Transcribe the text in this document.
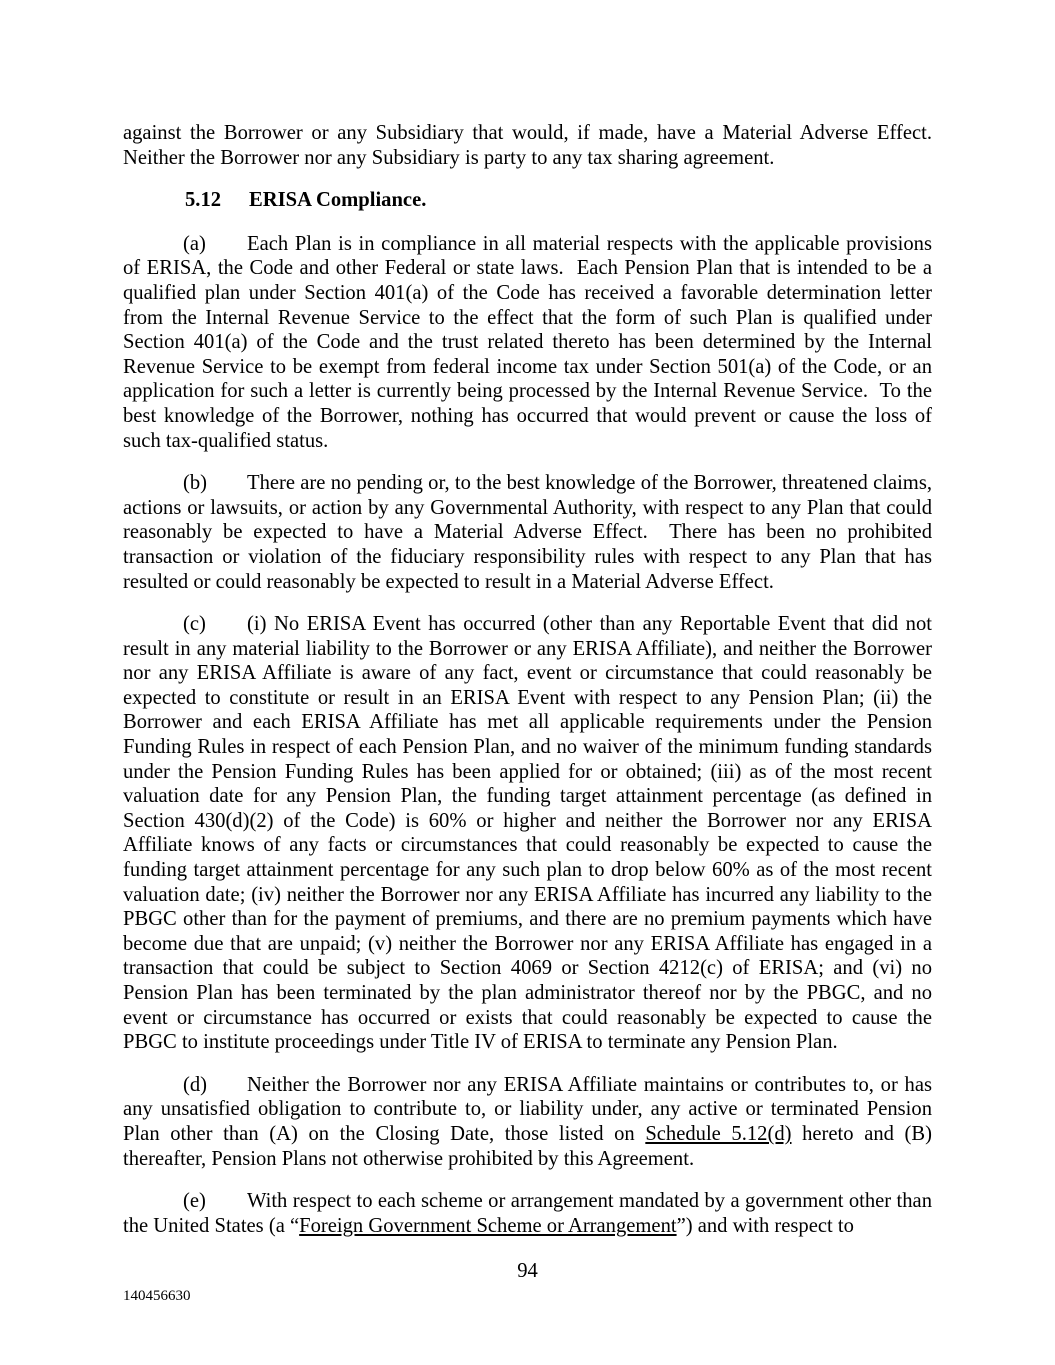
against the Borrower or any Subsidiary that would, if made, have a Material Adverse Effect.  Neither the Borrower nor any Subsidiary is party to any tax sharing agreement.

5.12 ERISA Compliance.

(a) Each Plan is in compliance in all material respects with the applicable provisions of ERISA, the Code and other Federal or state laws.  Each Pension Plan that is intended to be a qualified plan under Section 401(a) of the Code has received a favorable determination letter from the Internal Revenue Service to the effect that the form of such Plan is qualified under Section 401(a) of the Code and the trust related thereto has been determined by the Internal Revenue Service to be exempt from federal income tax under Section 501(a) of the Code, or an application for such a letter is currently being processed by the Internal Revenue Service.  To the best knowledge of the Borrower, nothing has occurred that would prevent or cause the loss of such tax-qualified status.

(b) There are no pending or, to the best knowledge of the Borrower, threatened claims, actions or lawsuits, or action by any Governmental Authority, with respect to any Plan that could reasonably be expected to have a Material Adverse Effect.  There has been no prohibited transaction or violation of the fiduciary responsibility rules with respect to any Plan that has resulted or could reasonably be expected to result in a Material Adverse Effect.

(c) (i) No ERISA Event has occurred (other than any Reportable Event that did not result in any material liability to the Borrower or any ERISA Affiliate), and neither the Borrower nor any ERISA Affiliate is aware of any fact, event or circumstance that could reasonably be expected to constitute or result in an ERISA Event with respect to any Pension Plan; (ii) the Borrower and each ERISA Affiliate has met all applicable requirements under the Pension Funding Rules in respect of each Pension Plan, and no waiver of the minimum funding standards under the Pension Funding Rules has been applied for or obtained; (iii) as of the most recent valuation date for any Pension Plan, the funding target attainment percentage (as defined in Section 430(d)(2) of the Code) is 60% or higher and neither the Borrower nor any ERISA Affiliate knows of any facts or circumstances that could reasonably be expected to cause the funding target attainment percentage for any such plan to drop below 60% as of the most recent valuation date; (iv) neither the Borrower nor any ERISA Affiliate has incurred any liability to the PBGC other than for the payment of premiums, and there are no premium payments which have become due that are unpaid; (v) neither the Borrower nor any ERISA Affiliate has engaged in a transaction that could be subject to Section 4069 or Section 4212(c) of ERISA; and (vi) no Pension Plan has been terminated by the plan administrator thereof nor by the PBGC, and no event or circumstance has occurred or exists that could reasonably be expected to cause the PBGC to institute proceedings under Title IV of ERISA to terminate any Pension Plan.

(d) Neither the Borrower nor any ERISA Affiliate maintains or contributes to, or has any unsatisfied obligation to contribute to, or liability under, any active or terminated Pension Plan other than (A) on the Closing Date, those listed on Schedule 5.12(d) hereto and (B) thereafter, Pension Plans not otherwise prohibited by this Agreement.

(e) With respect to each scheme or arrangement mandated by a government other than the United States (a “Foreign Government Scheme or Arrangement”) and with respect to

94
140456630
